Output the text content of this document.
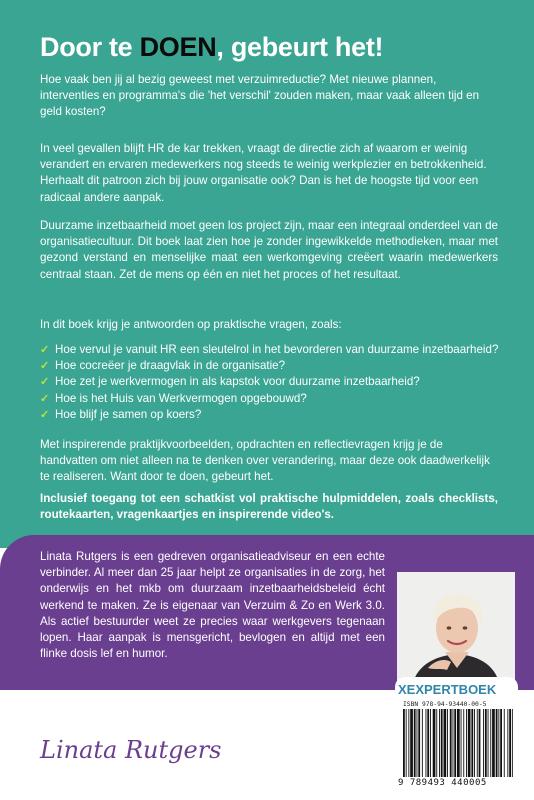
Door te DOEN, gebeurt het!

Hoe vaak ben jij al bezig geweest met verzuimreductie? Met nieuwe plannen, interventies en programma's die 'het verschil' zouden maken, maar vaak alleen tijd en geld kosten?

In veel gevallen blijft HR de kar trekken, vraagt de directie zich af waarom er weinig verandert en ervaren medewerkers nog steeds te weinig werkplezier en betrokkenheid. Herhaalt dit patroon zich bij jouw organisatie ook? Dan is het de hoogste tijd voor een radicaal andere aanpak.

Duurzame inzetbaarheid moet geen los project zijn, maar een integraal onderdeel van de organisatiecultuur. Dit boek laat zien hoe je zonder ingewikkelde methodieken, maar met gezond verstand en menselijke maat een werkomgeving creëert waarin medewerkers centraal staan. Zet de mens op één en niet het proces of het resultaat.

In dit boek krijg je antwoorden op praktische vragen, zoals:

✓ Hoe vervul je vanuit HR een sleutelrol in het bevorderen van duurzame inzetbaarheid?
✓ Hoe cocreëer je draagvlak in de organisatie?
✓ Hoe zet je werkvermogen in als kapstok voor duurzame inzetbaarheid?
✓ Hoe is het Huis van Werkvermogen opgebouwd?
✓ Hoe blijf je samen op koers?

Met inspirerende praktijkvoorbeelden, opdrachten en reflectievragen krijg je de handvatten om niet alleen na te denken over verandering, maar deze ook daadwerkelijk te realiseren. Want door te doen, gebeurt het.

Inclusief toegang tot een schatkist vol praktische hulpmiddelen, zoals checklists, routekaarten, vragenkaartjes en inspirerende video's.

Linata Rutgers is een gedreven organisatieadviseur en een echte verbinder. Al meer dan 25 jaar helpt ze organisaties in de zorg, het onderwijs en het mkb om duurzaam inzetbaarheidsbeleid écht werkend te maken. Ze is eigenaar van Verzuim & Zo en Werk 3.0. Als actief bestuurder weet ze precies waar werkgevers tegenaan lopen. Haar aanpak is mensgericht, bevlogen en altijd met een flinke dosis lef en humor.

XEXPERTBOEK
ISBN 978-94-93440-00-5
9 789493 440005
Linata Rutgers
